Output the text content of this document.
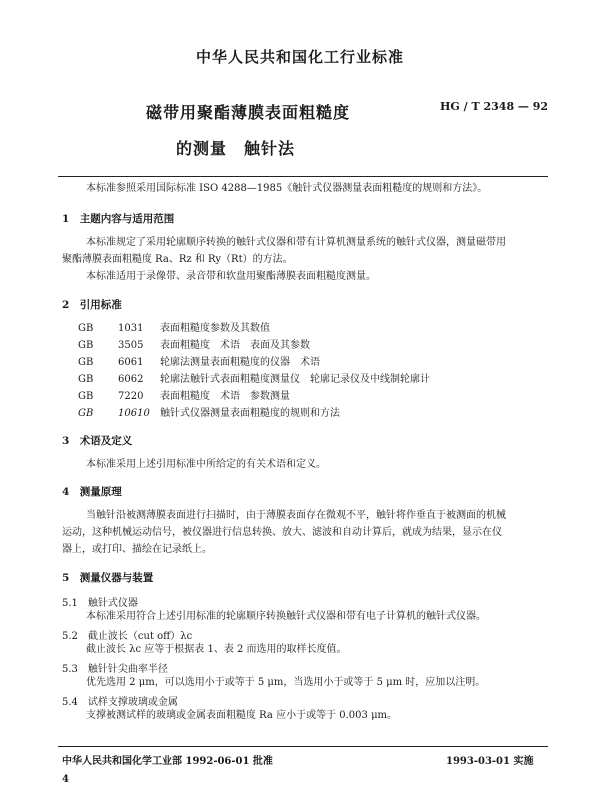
中华人民共和国化工行业标准
磁带用聚酯薄膜表面粗糙度
的测量　触针法
HG / T 2348 — 92
本标准参照采用国际标准 ISO 4288—1985《触针式仪器测量表面粗糙度的规则和方法》。
1　主题内容与适用范围
本标准规定了采用轮廓顺序转换的触针式仪器和带有计算机测量系统的触针式仪器，测量磁带用
聚酯薄膜表面粗糙度 Ra、Rz 和 Ry（Rt）的方法。
本标准适用于录像带、录音带和软盘用聚酯薄膜表面粗糙度测量。
2　引用标准
GB 1031 表面粗糙度参数及其数值
GB 3505 表面粗糙度　术语　表面及其参数
GB 6061 轮廓法测量表面粗糙度的仪器　术语
GB 6062 轮廓法触针式表面粗糙度测量仪　轮廓记录仪及中线制轮廓计
GB 7220 表面粗糙度　术语　参数测量
GB 10610 触针式仪器测量表面粗糙度的规则和方法
3　术语及定义
本标准采用上述引用标准中所给定的有关术语和定义。
4　测量原理
当触针沿被测薄膜表面进行扫描时，由于薄膜表面存在微观不平，触针将作垂直于被测面的机械
运动，这种机械运动信号，被仪器进行信息转换、放大、滤波和自动计算后，就成为结果，显示在仪
器上，或打印、描绘在记录纸上。
5　测量仪器与装置
5.1　触针式仪器
本标准采用符合上述引用标准的轮廓顺序转换触针式仪器和带有电子计算机的触针式仪器。
5.2　截止波长（cut off）λc
截止波长 λc 应等于根据表 1、表 2 而选用的取样长度值。
5.3　触针针尖曲率半径
优先选用 2 μm，可以选用小于或等于 5 μm，当选用小于或等于 5 μm 时，应加以注明。
5.4　试样支撑玻璃或金属
支撑被测试样的玻璃或金属表面粗糙度 Ra 应小于或等于 0.003 μm。
中华人民共和国化学工业部 1992-06-01 批准	1993-03-01 实施
4
